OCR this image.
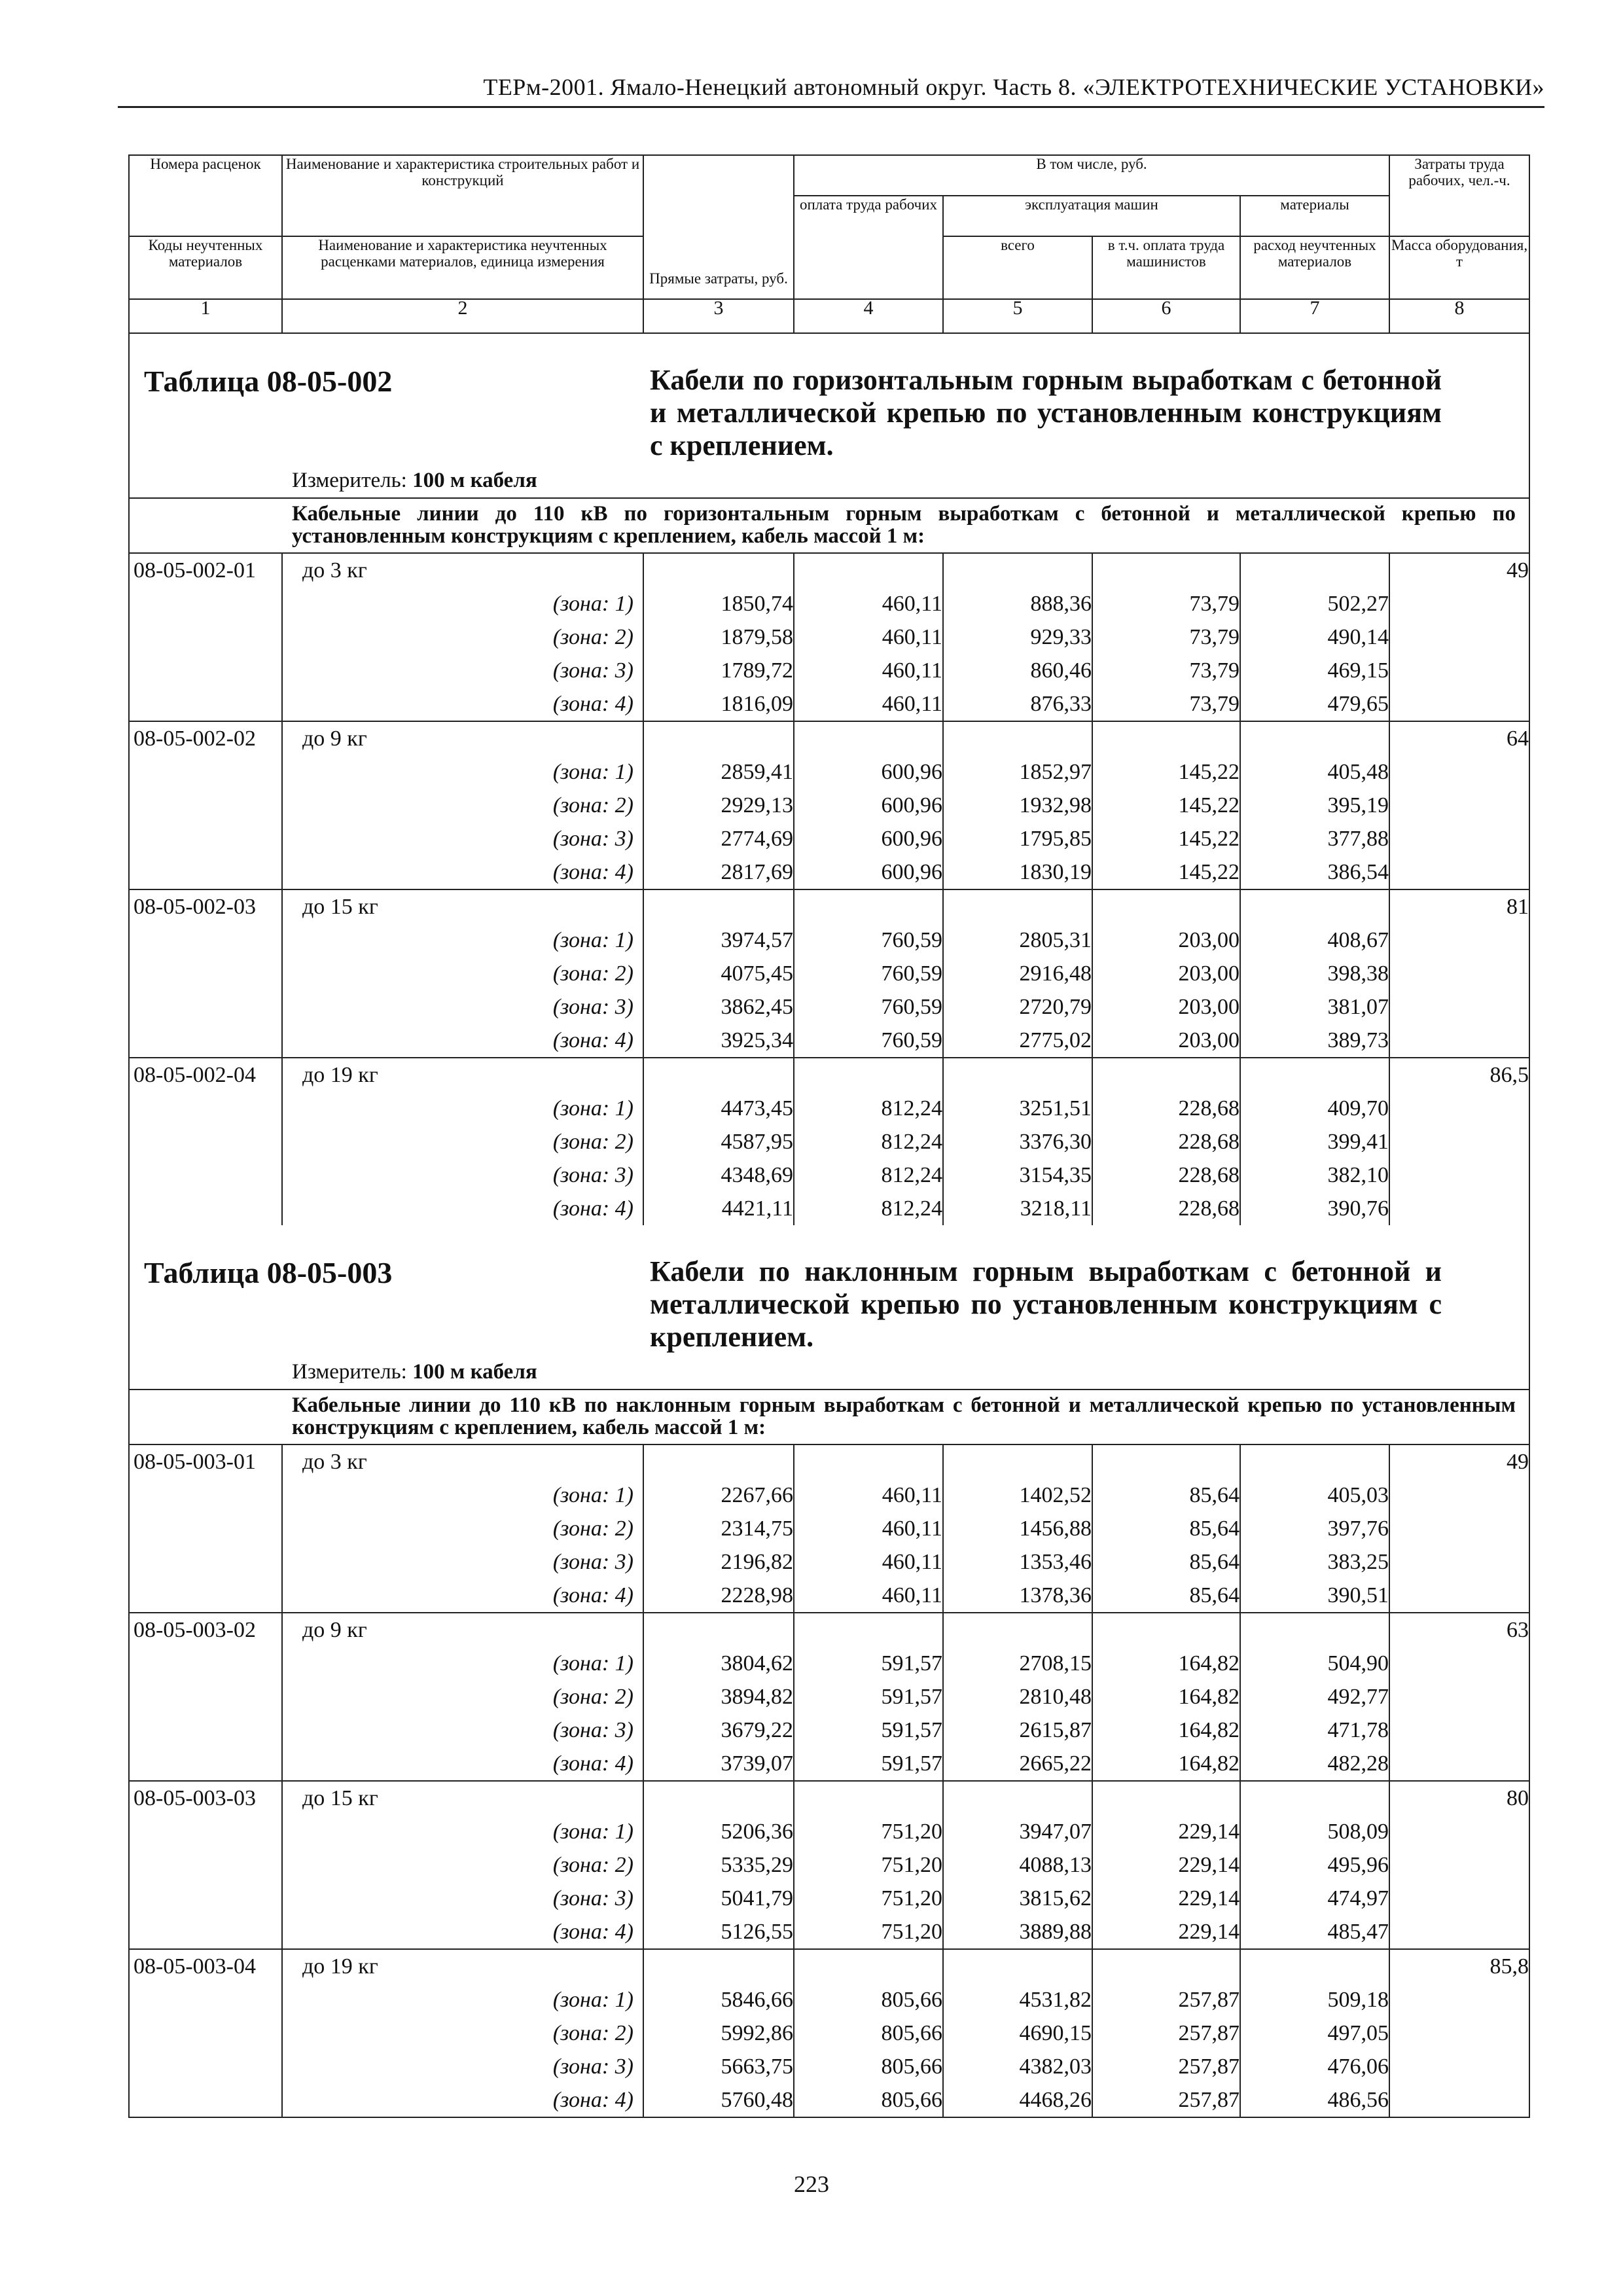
ТЕРм-2001. Ямало-Ненецкий автономный округ. Часть 8. «ЭЛЕКТРОТЕХНИЧЕСКИЕ УСТАНОВКИ»
Номера расценок	Наименование и характеристика строительных работ и конструкций	Прямые затраты, руб.	В том числе, руб.				Затраты труда рабочих, чел.-ч.
			оплата труда рабочих	эксплуатация машин		материалы	
Коды неучтенных материалов	Наименование и характеристика неучтенных расценками материалов, единица измерения			всего	в т.ч. оплата труда машинистов	расход неучтенных материалов	Масса оборудования, т
1	2	3	4	5	6	7	8

Таблица 08-05-002 Кабели по горизонтальным горным выработкам с бетонной и металлической крепью по установленным конструкциям с креплением.
Измеритель: 100 м кабеля							

Кабельные линии до 110 кВ по горизонтальным горным выработкам с бетонной и металлической крепью по установленным конструкциям с креплением, кабель массой 1 м:							

08-05-002-01	до 3 кг						49
	(зона: 1)	1850,74	460,11	888,36	73,79	502,27	
	(зона: 2)	1879,58	460,11	929,33	73,79	490,14	
	(зона: 3)	1789,72	460,11	860,46	73,79	469,15	
	(зона: 4)	1816,09	460,11	876,33	73,79	479,65	
08-05-002-02	до 9 кг						64
	(зона: 1)	2859,41	600,96	1852,97	145,22	405,48	
	(зона: 2)	2929,13	600,96	1932,98	145,22	395,19	
	(зона: 3)	2774,69	600,96	1795,85	145,22	377,88	
	(зона: 4)	2817,69	600,96	1830,19	145,22	386,54	
08-05-002-03	до 15 кг						81
	(зона: 1)	3974,57	760,59	2805,31	203,00	408,67	
	(зона: 2)	4075,45	760,59	2916,48	203,00	398,38	
	(зона: 3)	3862,45	760,59	2720,79	203,00	381,07	
	(зона: 4)	3925,34	760,59	2775,02	203,00	389,73	
08-05-002-04	до 19 кг						86,5
	(зона: 1)	4473,45	812,24	3251,51	228,68	409,70	
	(зона: 2)	4587,95	812,24	3376,30	228,68	399,41	
	(зона: 3)	4348,69	812,24	3154,35	228,68	382,10	
	(зона: 4)	4421,11	812,24	3218,11	228,68	390,76	

Таблица 08-05-003 Кабели по наклонным горным выработкам с бетонной и металлической крепью по установленным конструкциям с креплением.
Измеритель: 100 м кабеля							

Кабельные линии до 110 кВ по наклонным горным выработкам с бетонной и металлической крепью по установленным конструкциям с креплением, кабель массой 1 м:							

08-05-003-01	до 3 кг						49
	(зона: 1)	2267,66	460,11	1402,52	85,64	405,03	
	(зона: 2)	2314,75	460,11	1456,88	85,64	397,76	
	(зона: 3)	2196,82	460,11	1353,46	85,64	383,25	
	(зона: 4)	2228,98	460,11	1378,36	85,64	390,51	
08-05-003-02	до 9 кг						63
	(зона: 1)	3804,62	591,57	2708,15	164,82	504,90	
	(зона: 2)	3894,82	591,57	2810,48	164,82	492,77	
	(зона: 3)	3679,22	591,57	2615,87	164,82	471,78	
	(зона: 4)	3739,07	591,57	2665,22	164,82	482,28	
08-05-003-03	до 15 кг						80
	(зона: 1)	5206,36	751,20	3947,07	229,14	508,09	
	(зона: 2)	5335,29	751,20	4088,13	229,14	495,96	
	(зона: 3)	5041,79	751,20	3815,62	229,14	474,97	
	(зона: 4)	5126,55	751,20	3889,88	229,14	485,47	
08-05-003-04	до 19 кг						85,8
	(зона: 1)	5846,66	805,66	4531,82	257,87	509,18	
	(зона: 2)	5992,86	805,66	4690,15	257,87	497,05	
	(зона: 3)	5663,75	805,66	4382,03	257,87	476,06	
	(зона: 4)	5760,48	805,66	4468,26	257,87	486,56	
223
